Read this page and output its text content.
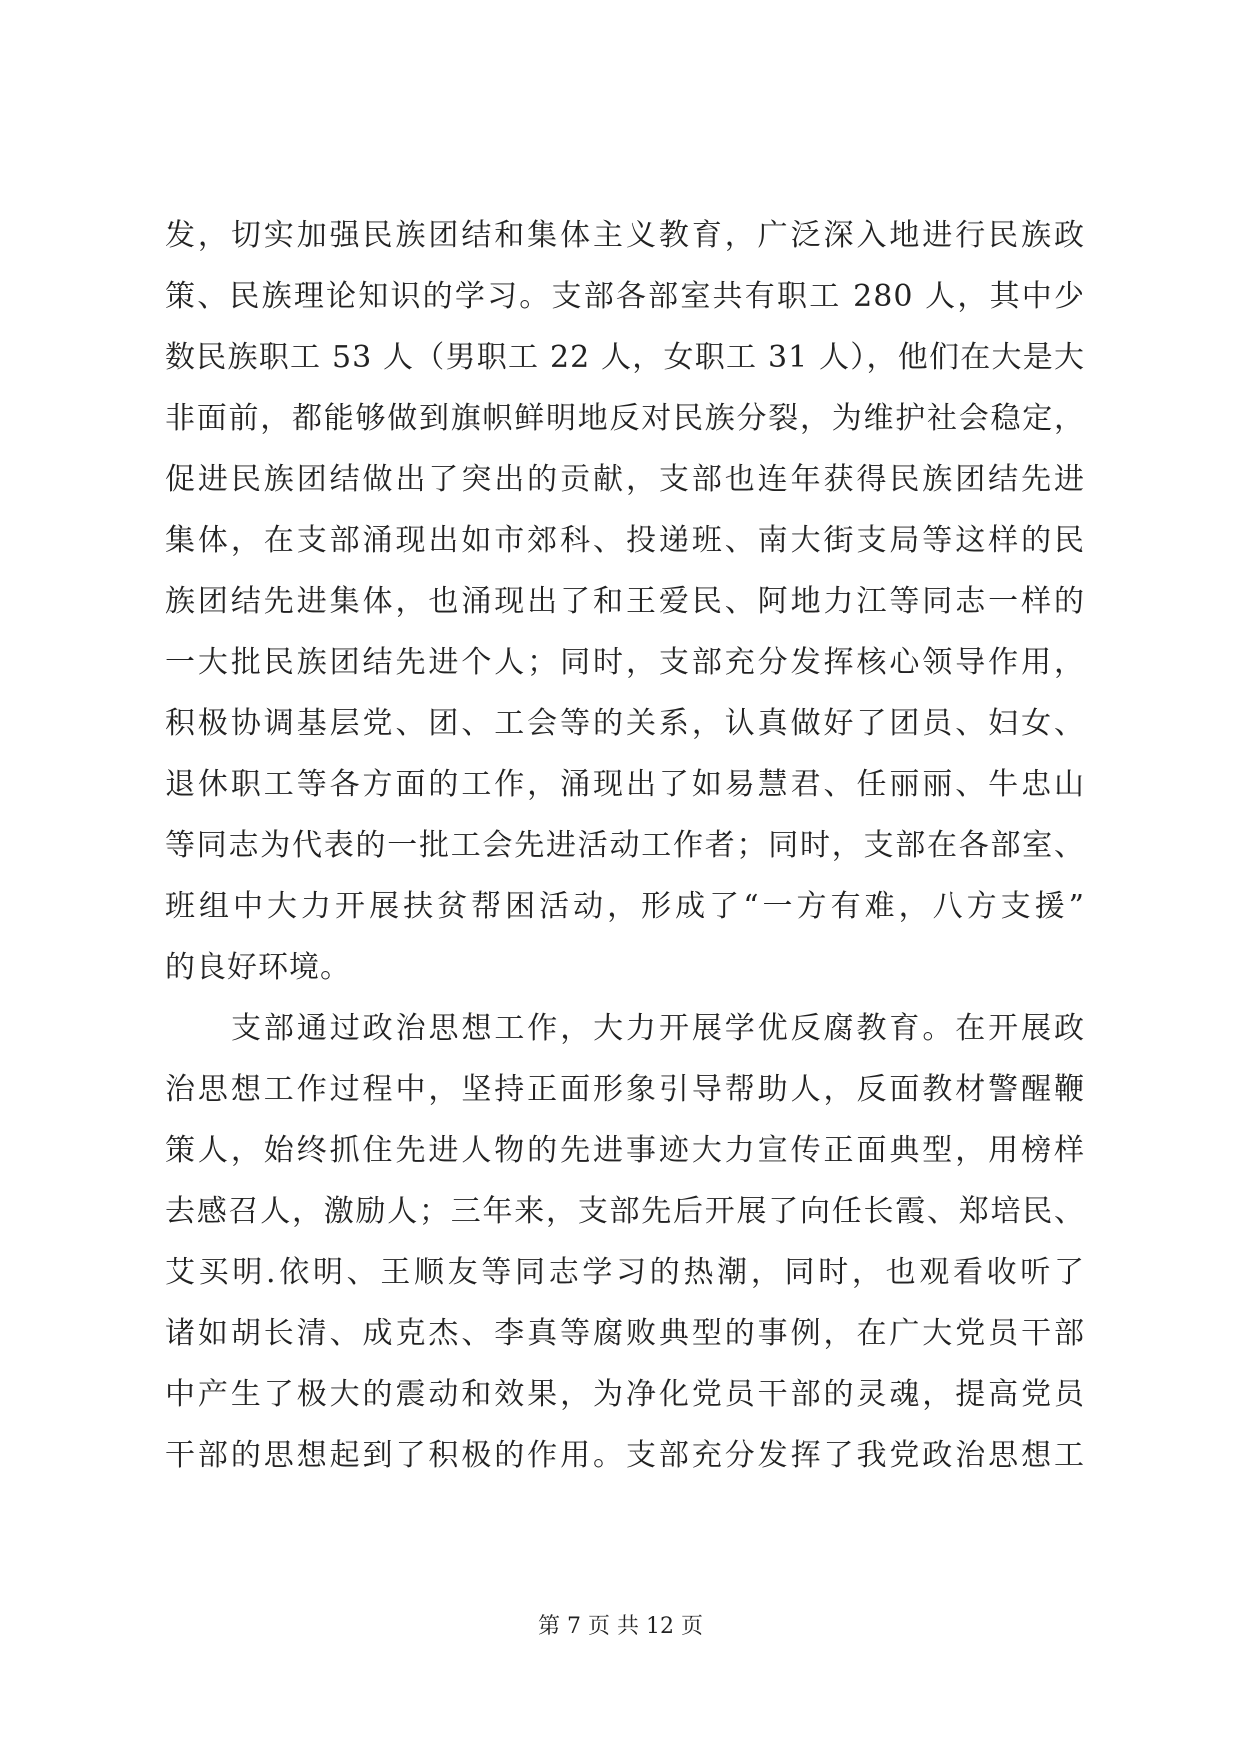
发，切实加强民族团结和集体主义教育，广泛深入地进行民族政
策、民族理论知识的学习。支部各部室共有职工 280 人，其中少
数民族职工 53 人（男职工 22 人，女职工 31 人），他们在大是大
非面前，都能够做到旗帜鲜明地反对民族分裂，为维护社会稳定，
促进民族团结做出了突出的贡献，支部也连年获得民族团结先进
集体，在支部涌现出如市郊科、投递班、南大街支局等这样的民
族团结先进集体，也涌现出了和王爱民、阿地力江等同志一样的
一大批民族团结先进个人；同时，支部充分发挥核心领导作用，
积极协调基层党、团、工会等的关系，认真做好了团员、妇女、
退休职工等各方面的工作，涌现出了如易慧君、任丽丽、牛忠山
等同志为代表的一批工会先进活动工作者；同时，支部在各部室、
班组中大力开展扶贫帮困活动，形成了“一方有难，八方支援”
的良好环境。
支部通过政治思想工作，大力开展学优反腐教育。在开展政
治思想工作过程中，坚持正面形象引导帮助人，反面教材警醒鞭
策人，始终抓住先进人物的先进事迹大力宣传正面典型，用榜样
去感召人，激励人；三年来，支部先后开展了向任长霞、郑培民、
艾买明.依明、王顺友等同志学习的热潮，同时，也观看收听了
诸如胡长清、成克杰、李真等腐败典型的事例，在广大党员干部
中产生了极大的震动和效果，为净化党员干部的灵魂，提高党员
干部的思想起到了积极的作用。支部充分发挥了我党政治思想工
第 7 页 共 12 页
